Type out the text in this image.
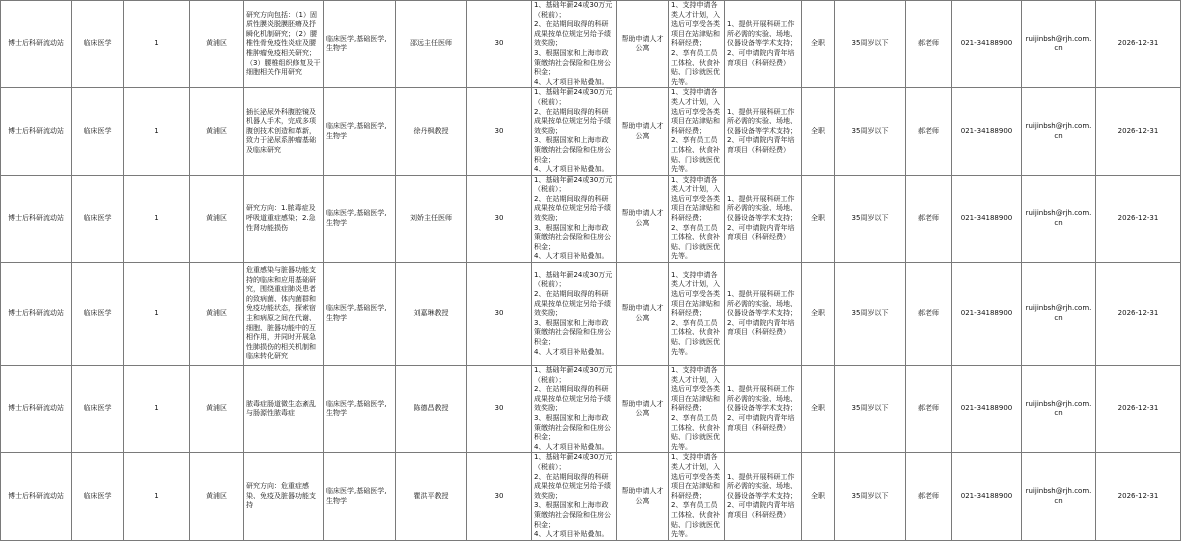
博士后科研流动站	临床医学	1	黄浦区	研究方向包括：（1）固质性膜炎脱膜胚瘠及抒瞬化机制研究；（2）腰椎性骨免疫性炎症及腰椎肿瘤免疫相关研究；（3）腰椎组织修复及干细胞相关作用研究	临床医学,基础医学,生物学	邵远主任医师	30	1、基础年薪24或30万元（税前）；
2、在站期间取得的科研成果按单位规定另给予绩效奖励；
3、根据国家和上海市政策缴纳社会保险和住房公积金；
4、人才项目补贴叠加。	帮助申请人才公寓	1、支持申请各类人才计划，入选后可享受各类项目在站津贴和科研经费；
2、享有员工员工体检、伙食补贴、门诊就医优先等。	1、提供开展科研工作所必需的实验、场地、仪器设备等学术支持；
2、可申请院内青年培育项目（科研经费）	全职	35周岁以下	郝老师	021-34188900	ruijinbsh@rjh.com.cn	2026-12-31
博士后科研流动站	临床医学	1	黄浦区	插长泌尿外科腹腔镜及机器人手术，完成多项腹创技术创造和革新，致力于泌尿系肿瘤基础及临床研究	临床医学,基础医学,生物学	徐丹枫教授	30	1、基础年薪24或30万元（税前）；
2、在站期间取得的科研成果按单位规定另给予绩效奖励；
3、根据国家和上海市政策缴纳社会保险和住房公积金；
4、人才项目补贴叠加。	帮助申请人才公寓	1、支持申请各类人才计划，入选后可享受各类项目在站津贴和科研经费；
2、享有员工员工体检、伙食补贴、门诊就医优先等。	1、提供开展科研工作所必需的实验、场地、仪器设备等学术支持；
2、可申请院内青年培育项目（科研经费）	全职	35周岁以下	郝老师	021-34188900	ruijinbsh@rjh.com.cn	2026-12-31
博士后科研流动站	临床医学	1	黄浦区	研究方向：1.脓毒症及呼吸道重症感染；2.急性肾功能损伤	临床医学,基础医学,生物学	刘娇主任医师	30	1、基础年薪24或30万元（税前）；
2、在站期间取得的科研成果按单位规定另给予绩效奖励；
3、根据国家和上海市政策缴纳社会保险和住房公积金；
4、人才项目补贴叠加。	帮助申请人才公寓	1、支持申请各类人才计划，入选后可享受各类项目在站津贴和科研经费；
2、享有员工员工体检、伙食补贴、门诊就医优先等。	1、提供开展科研工作所必需的实验、场地、仪器设备等学术支持；
2、可申请院内青年培育项目（科研经费）	全职	35周岁以下	郝老师	021-34188900	ruijinbsh@rjh.com.cn	2026-12-31
博士后科研流动站	临床医学	1	黄浦区	危重感染与脏器功能支持的临床和应用基础研究，围绕重症肺炎患者的致病菌、体内菌群和免疫功能状态，探索宿主和病原之间在代谢、细胞、脏器功能中的互相作用，并同时开展急性肺损伤的相关机制和临床转化研究	临床医学,基础医学,生物学	刘嘉琳教授	30	1、基础年薪24或30万元（税前）；
2、在站期间取得的科研成果按单位规定另给予绩效奖励；
3、根据国家和上海市政策缴纳社会保险和住房公积金；
4、人才项目补贴叠加。	帮助申请人才公寓	1、支持申请各类人才计划，入选后可享受各类项目在站津贴和科研经费；
2、享有员工员工体检、伙食补贴、门诊就医优先等。	1、提供开展科研工作所必需的实验、场地、仪器设备等学术支持；
2、可申请院内青年培育项目（科研经费）	全职	35周岁以下	郝老师	021-34188900	ruijinbsh@rjh.com.cn	2026-12-31
博士后科研流动站	临床医学	1	黄浦区	脓毒症肠道微生态紊乱与肠源性脓毒症	临床医学,基础医学,生物学	陈德昌教授	30	1、基础年薪24或30万元（税前）；
2、在站期间取得的科研成果按单位规定另给予绩效奖励；
3、根据国家和上海市政策缴纳社会保险和住房公积金；
4、人才项目补贴叠加。	帮助申请人才公寓	1、支持申请各类人才计划，入选后可享受各类项目在站津贴和科研经费；
2、享有员工员工体检、伙食补贴、门诊就医优先等。	1、提供开展科研工作所必需的实验、场地、仪器设备等学术支持；
2、可申请院内青年培育项目（科研经费）	全职	35周岁以下	郝老师	021-34188900	ruijinbsh@rjh.com.cn	2026-12-31
博士后科研流动站	临床医学	1	黄浦区	研究方向：危重症感染、免疫及脏器功能支持	临床医学,基础医学,生物学	瞿洪平教授	30	1、基础年薪24或30万元（税前）；
2、在站期间取得的科研成果按单位规定另给予绩效奖励；
3、根据国家和上海市政策缴纳社会保险和住房公积金；
4、人才项目补贴叠加。	帮助申请人才公寓	1、支持申请各类人才计划，入选后可享受各类项目在站津贴和科研经费；
2、享有员工员工体检、伙食补贴、门诊就医优先等。	1、提供开展科研工作所必需的实验、场地、仪器设备等学术支持；
2、可申请院内青年培育项目（科研经费）	全职	35周岁以下	郝老师	021-34188900	ruijinbsh@rjh.com.cn	2026-12-31
